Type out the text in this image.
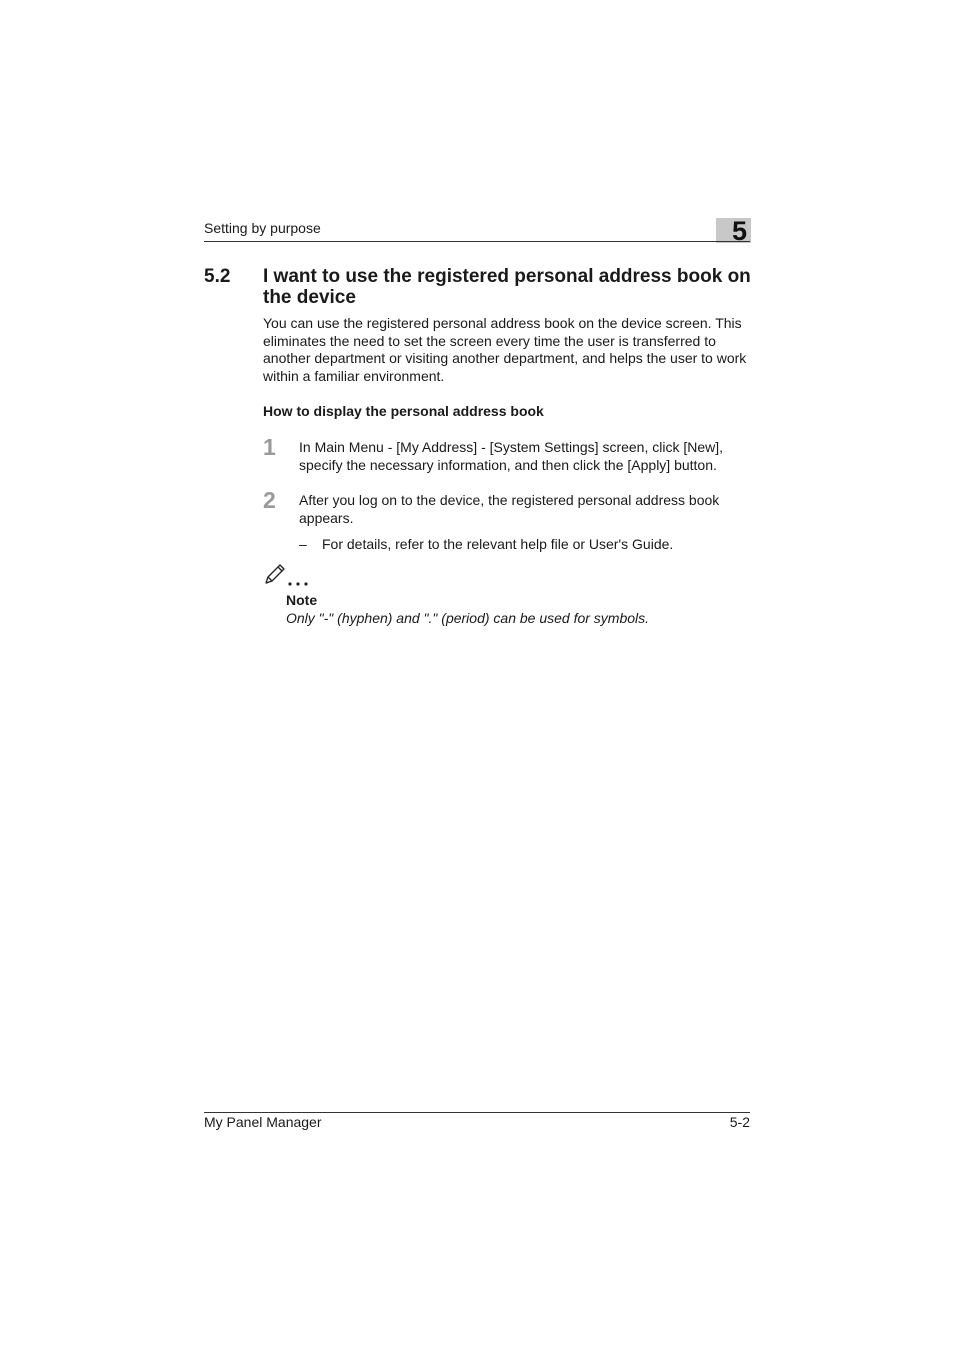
Setting by purpose	5
5.2 I want to use the registered personal address book on the device
You can use the registered personal address book on the device screen. This eliminates the need to set the screen every time the user is transferred to another department or visiting another department, and helps the user to work within a familiar environment.
How to display the personal address book
1 In Main Menu - [My Address] - [System Settings] screen, click [New], specify the necessary information, and then click the [Apply] button.
2 After you log on to the device, the registered personal address book appears.
– For details, refer to the relevant help file or User's Guide.
Note
Only "-" (hyphen) and "." (period) can be used for symbols.
My Panel Manager	5-2
